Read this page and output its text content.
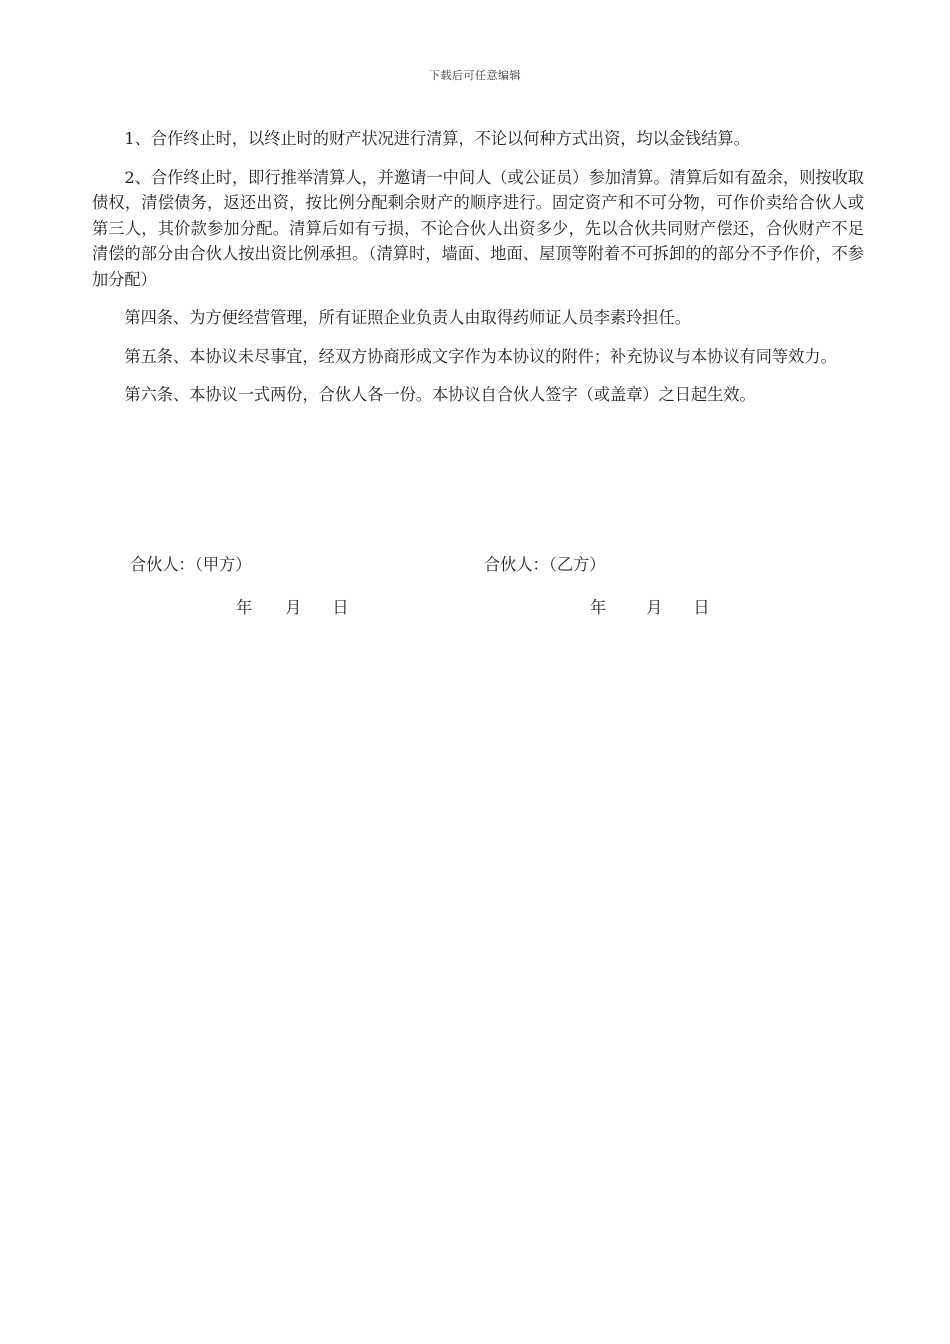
下载后可任意编辑

1、合作终止时，以终止时的财产状况进行清算，不论以何种方式出资，均以金钱结算。

2、合作终止时，即行推举清算人，并邀请一中间人（或公证员）参加清算。清算后如有盈余，则按收取债权，清偿债务，返还出资，按比例分配剩余财产的顺序进行。固定资产和不可分物，可作价卖给合伙人或第三人，其价款参加分配。清算后如有亏损，不论合伙人出资多少，先以合伙共同财产偿还，合伙财产不足清偿的部分由合伙人按出资比例承担。（清算时，墙面、地面、屋顶等附着不可拆卸的的部分不予作价，不参加分配）

第四条、为方便经营管理，所有证照企业负责人由取得药师证人员李素玲担任。

第五条、本协议未尽事宜，经双方协商形成文字作为本协议的附件；补充协议与本协议有同等效力。

第六条、本协议一式两份，合伙人各一份。本协议自合伙人签字（或盖章）之日起生效。

合伙人：（甲方）	合伙人：（乙方）
年 月 日	年 月 日
